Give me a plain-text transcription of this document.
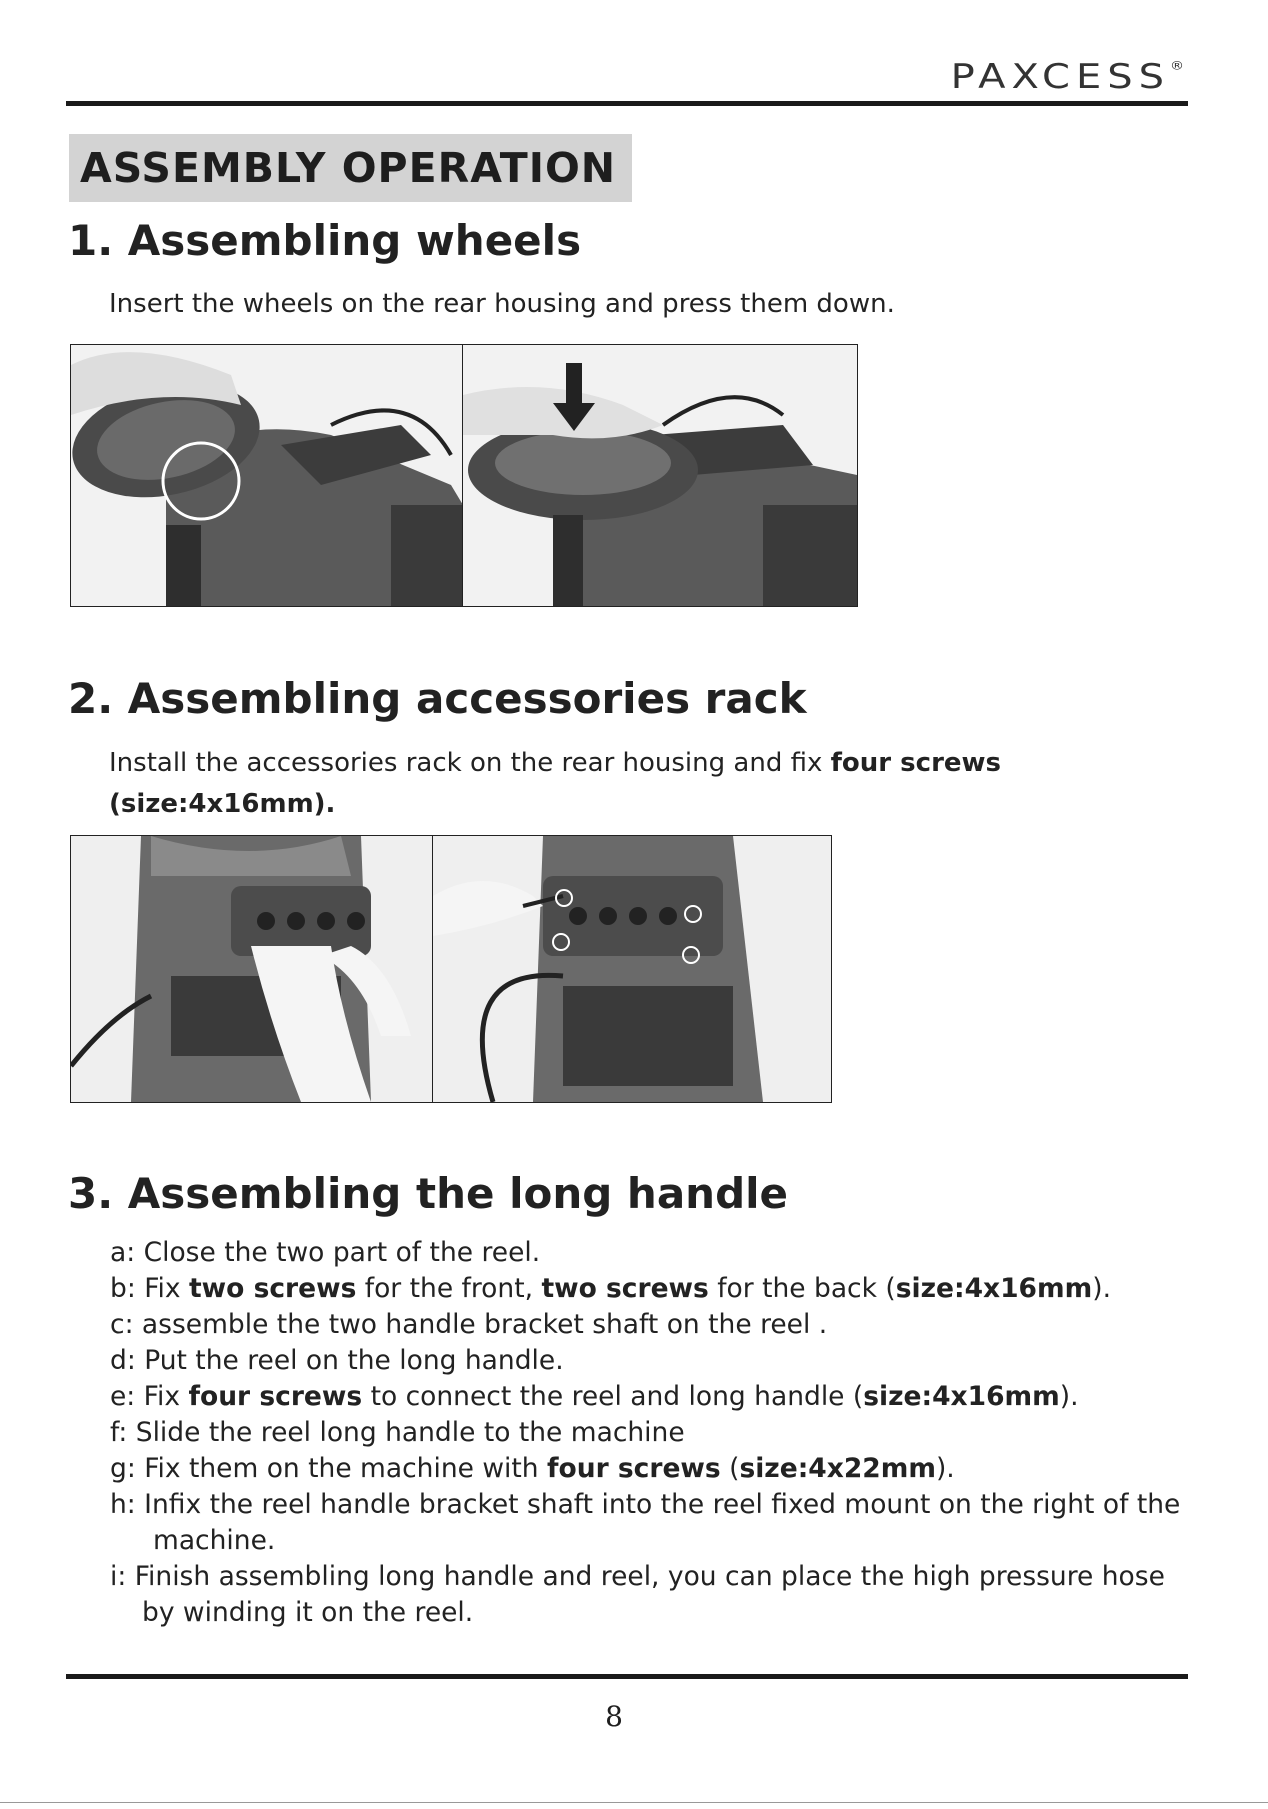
PAXCESS®
ASSEMBLY OPERATION
1. Assembling wheels
Insert the wheels on the rear housing and press them down.
2. Assembling accessories rack
Install the accessories rack on the rear housing and fix four screws
(size:4x16mm).
3. Assembling the long handle
a: Close the two part of the reel.
b: Fix two screws for the front, two screws for the back (size:4x16mm).
c: assemble the two handle bracket shaft on the reel .
d: Put the reel on the long handle.
e: Fix four screws to connect the reel and long handle (size:4x16mm).
f: Slide the reel long handle to the machine
g: Fix them on the machine with four screws (size:4x22mm).
h: Infix the reel handle bracket shaft into the reel fixed mount on the right of the
machine.
i: Finish assembling long handle and reel, you can place the high pressure hose
by winding it on the reel.
8
